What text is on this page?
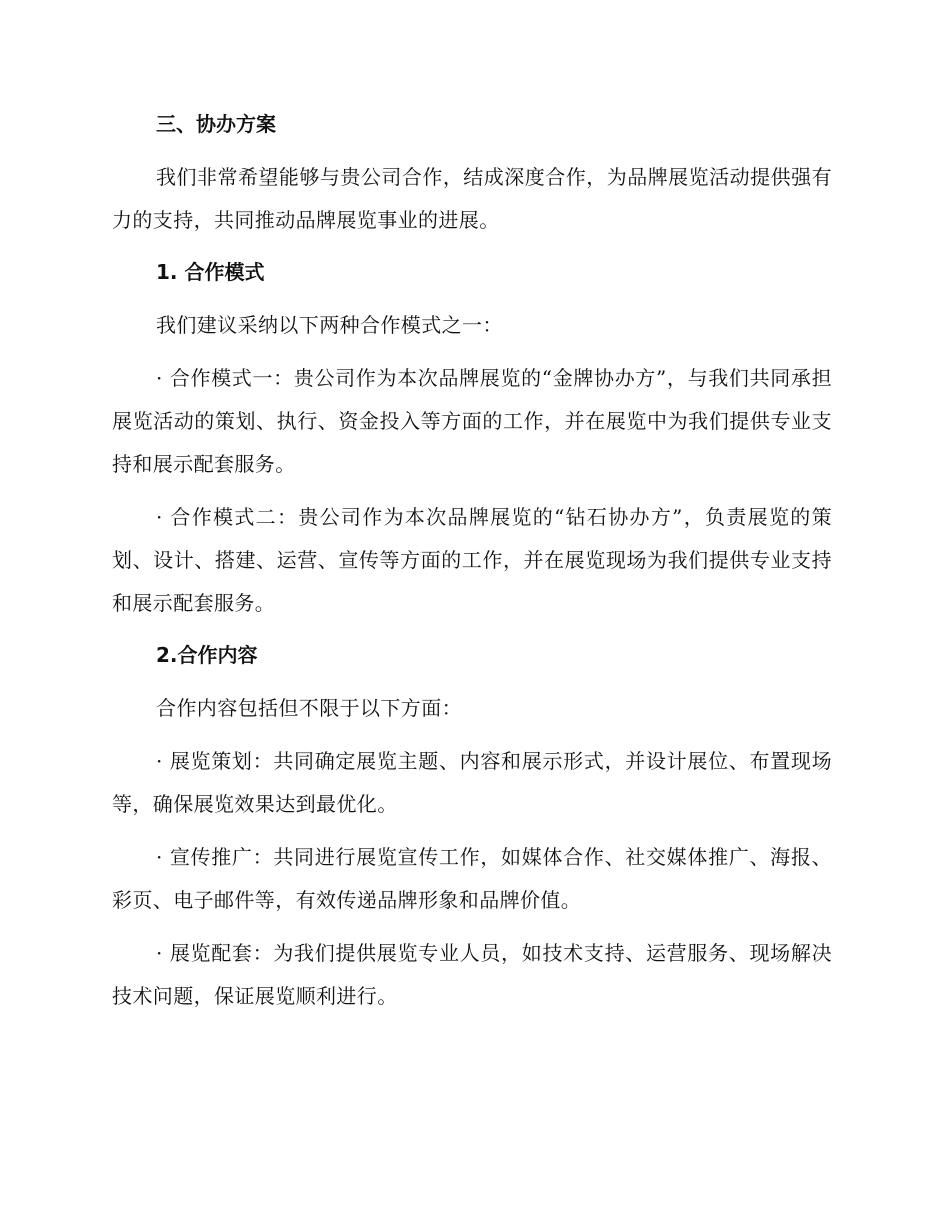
三、协办方案

我们非常希望能够与贵公司合作，结成深度合作，为品牌展览活动提供强有力的支持，共同推动品牌展览事业的进展。

1. 合作模式

我们建议采纳以下两种合作模式之一：

· 合作模式一：贵公司作为本次品牌展览的“金牌协办方”，与我们共同承担展览活动的策划、执行、资金投入等方面的工作，并在展览中为我们提供专业支持和展示配套服务。

· 合作模式二：贵公司作为本次品牌展览的“钻石协办方”，负责展览的策划、设计、搭建、运营、宣传等方面的工作，并在展览现场为我们提供专业支持和展示配套服务。

2.合作内容

合作内容包括但不限于以下方面：

· 展览策划：共同确定展览主题、内容和展示形式，并设计展位、布置现场等，确保展览效果达到最优化。

· 宣传推广：共同进行展览宣传工作，如媒体合作、社交媒体推广、海报、彩页、电子邮件等，有效传递品牌形象和品牌价值。

· 展览配套：为我们提供展览专业人员，如技术支持、运营服务、现场解决技术问题，保证展览顺利进行。
